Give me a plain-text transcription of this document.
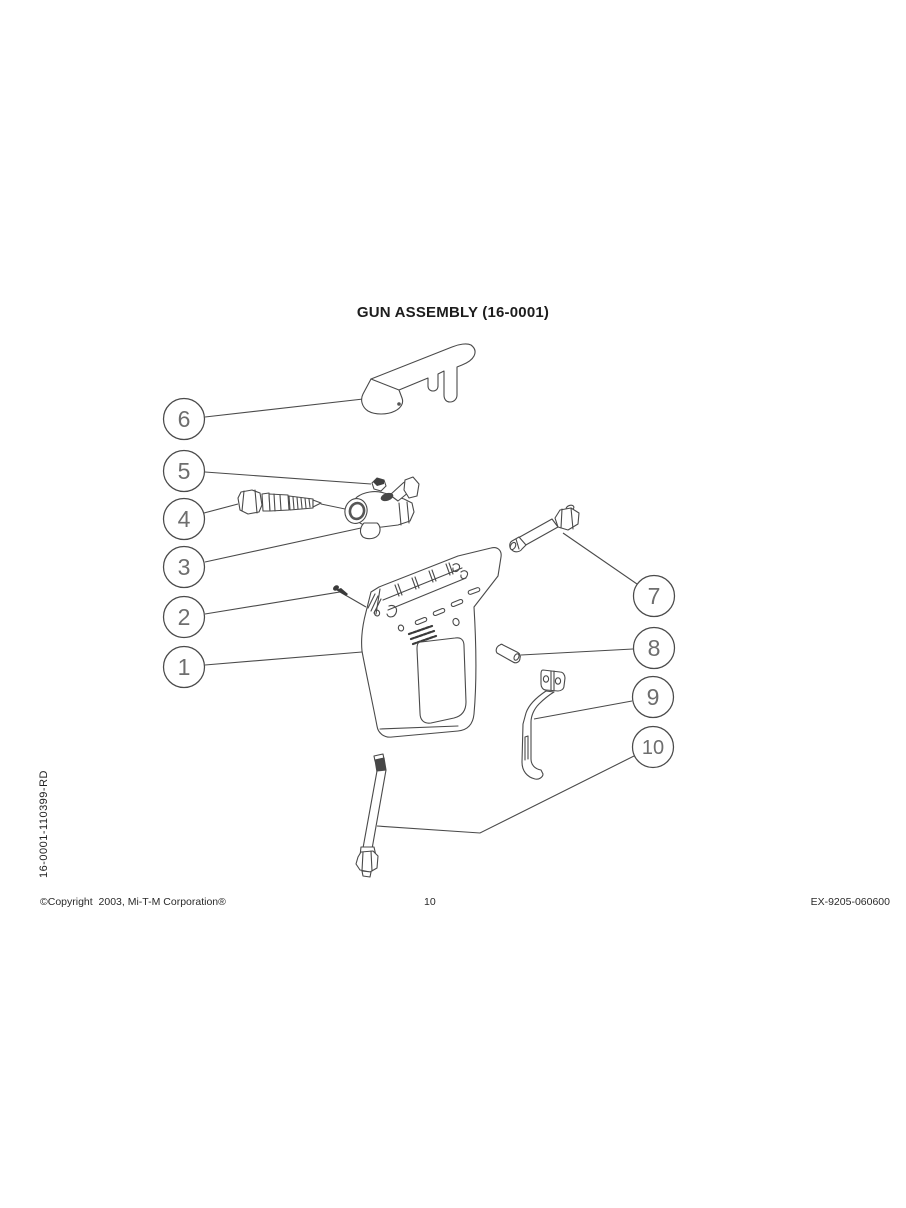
GUN ASSEMBLY (16-0001)
6
5
4
3
2
1
7
8
9
10
16-0001-110399-RD
©Copyright  2003, Mi-T-M Corporation®	10	EX-9205-060600
